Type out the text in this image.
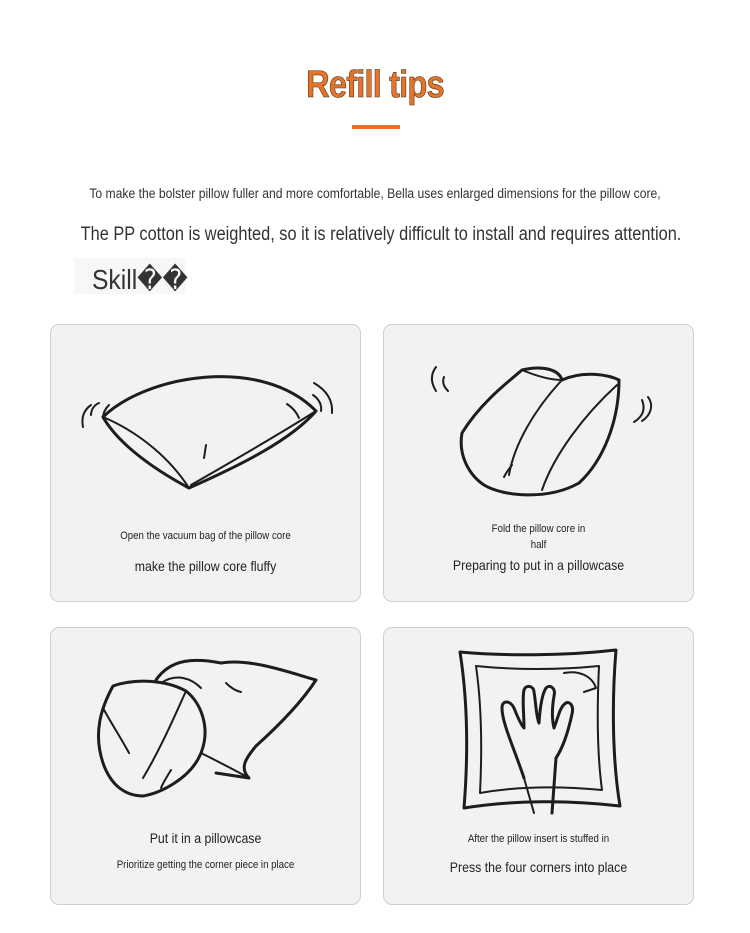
Refill tips
To make the bolster pillow fuller and more comfortable, Bella uses enlarged dimensions for the pillow core,
The PP cotton is weighted, so it is relatively difficult to install and requires attention.
Skill��
Open the vacuum bag of the pillow core
make the pillow core fluffy
Fold the pillow core in
half
Preparing to put in a pillowcase
Put it in a pillowcase
Prioritize getting the corner piece in place
After the pillow insert is stuffed in
Press the four corners into place
